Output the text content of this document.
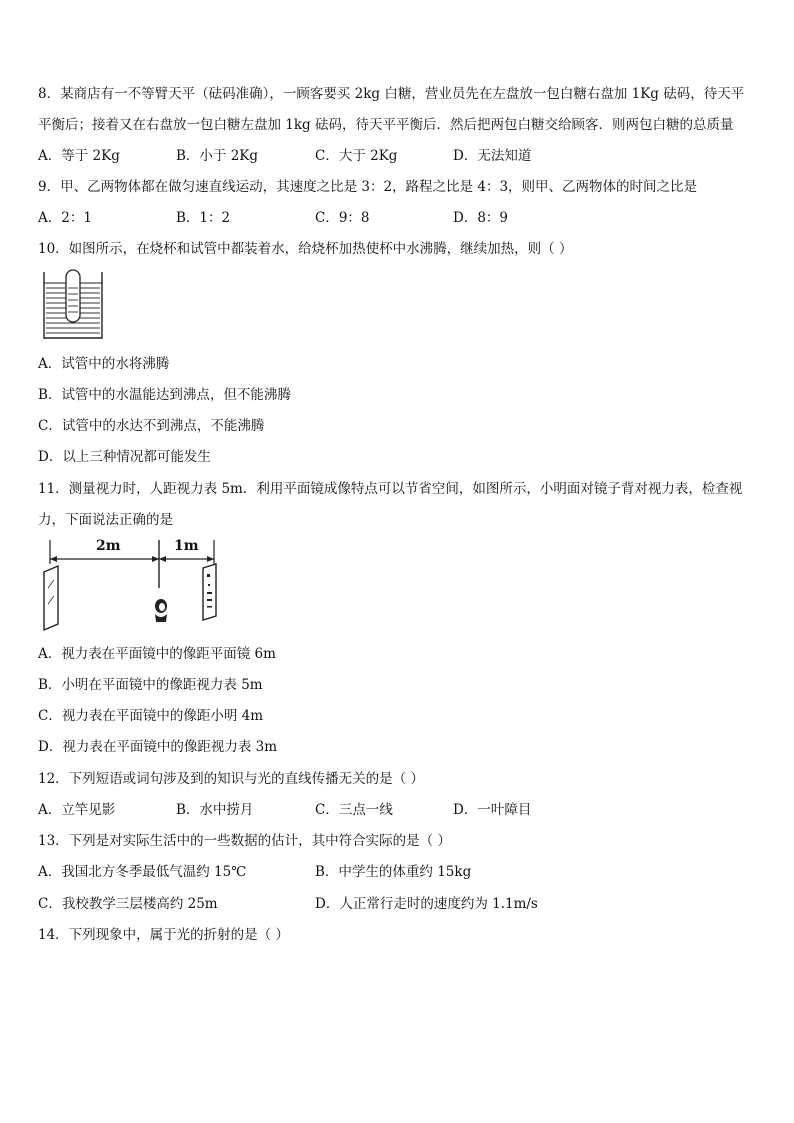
8．某商店有一不等臂天平（砝码准确），一顾客要买 2kg 白糖，营业员先在左盘放一包白糖右盘加 1Kg 砝码，待天平
平衡后；接着又在右盘放一包白糖左盘加 1kg 砝码，待天平平衡后．然后把两包白糖交给顾客．则两包白糖的总质量
A．等于 2Kg	B．小于 2Kg	C．大于 2Kg	D．无法知道
9．甲、乙两物体都在做匀速直线运动，其速度之比是 3：2，路程之比是 4：3，则甲、乙两物体的时间之比是
A．2：1	B．1：2	C．9：8	D．8：9
10．如图所示，在烧杯和试管中都装着水，给烧杯加热使杯中水沸腾，继续加热，则（ ）
A．试管中的水将沸腾
B．试管中的水温能达到沸点，但不能沸腾
C．试管中的水达不到沸点，不能沸腾
D．以上三种情况都可能发生
11．测量视力时，人距视力表 5m．利用平面镜成像特点可以节省空间，如图所示，小明面对镜子背对视力表，检查视
力，下面说法正确的是
2m	1m
A．视力表在平面镜中的像距平面镜 6m
B．小明在平面镜中的像距视力表 5m
C．视力表在平面镜中的像距小明 4m
D．视力表在平面镜中的像距视力表 3m
12．下列短语或词句涉及到的知识与光的直线传播无关的是（ ）
A．立竿见影	B．水中捞月	C．三点一线	D．一叶障目
13．下列是对实际生活中的一些数据的估计，其中符合实际的是（ ）
A．我国北方冬季最低气温约 15℃	B．中学生的体重约 15kg
C．我校教学三层楼高约 25m	D．人正常行走时的速度约为 1.1m/s
14．下列现象中，属于光的折射的是（ ）
